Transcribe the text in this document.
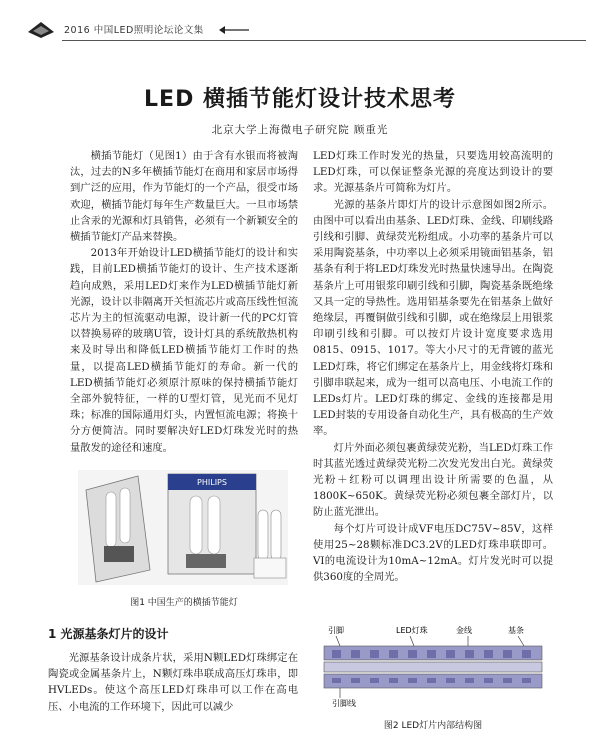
2016 中国LED照明论坛论文集
LED 横插节能灯设计技术思考
北京大学上海微电子研究院 顾重光

横插节能灯（见图1）由于含有水银而将被淘汰，过去的N多年横插节能灯在商用和家居市场得到广泛的应用，作为节能灯的一个产品，很受市场欢迎，横插节能灯每年生产数量巨大。一旦市场禁止含汞的光源和灯具销售，必须有一个新颖安全的横插节能灯产品来替换。

2013年开始设计LED横插节能灯的设计和实践，目前LED横插节能灯的设计、生产技术逐渐趋向成熟，采用LED灯来作为LED横插节能灯新光源，设计以非隔离开关恒流芯片或高压线性恒流芯片为主的恒流驱动电源，设计新一代的PC灯管以替换易碎的玻璃U管，设计灯具的系统散热机构来及时导出和降低LED横插节能灯工作时的热量，以提高LED横插节能灯的寿命。新一代的LED横插节能灯必须原汁原味的保持横插节能灯全部外貌特征，一样的U型灯管，见光而不见灯珠；标准的国际通用灯头，内置恒流电源；将换十分方便简洁。同时要解决好LED灯珠发光时的热量散发的途径和速度。

PHILIPS
图1 中国生产的横插节能灯
1 光源基条灯片的设计

光源基条设计成条片状，采用N颗LED灯珠绑定在陶瓷或金属基条片上，N颗灯珠串联成高压灯珠串，即HVLEDs。使这个高压LED灯珠串可以工作在高电压、小电流的工作环境下，因此可以减少

LED灯珠工作时发光的热量，只要选用较高流明的LED灯珠，可以保证整条光源的亮度达到设计的要求。光源基条片可简称为灯片。

光源的基条片即灯片的设计示意图如图2所示。由图中可以看出由基条、LED灯珠、金线、印刷线路引线和引脚、黄绿荧光粉组成。小功率的基条片可以采用陶瓷基条，中功率以上必须采用镜面铝基条，铝基条有利于将LED灯珠发光时热量快速导出。在陶瓷基条片上可用银浆印刷引线和引脚，陶瓷基条既绝缘又具一定的导热性。选用铝基条要先在铝基条上做好绝缘层，再覆铜做引线和引脚，或在绝缘层上用银浆印刷引线和引脚。可以按灯片设计宽度要求选用0815、0915、1017。等大小尺寸的无背镀的蓝光LED灯珠，将它们绑定在基条片上，用金线将灯珠和引脚串联起来，成为一组可以高电压、小电流工作的LEDs灯片。LED灯珠的绑定、金线的连接都是用LED封装的专用设备自动化生产，具有极高的生产效率。

灯片外面必须包裹黄绿荧光粉，当LED灯珠工作时其蓝光透过黄绿荧光粉二次发光发出白光。黄绿荧光粉＋红粉可以调理出设计所需要的色温，从1800K~650K。黄绿荧光粉必须包裹全部灯片，以防止蓝光泄出。

每个灯片可设计成VF电压DC75V~85V，这样使用25~28颗标准DC3.2V的LED灯珠串联即可。VI的电流设计为10mA~12mA。灯片发光时可以提供360度的全周光。

引脚	LED灯珠	金线	基条
引脚线
图2 LED灯片内部结构图
